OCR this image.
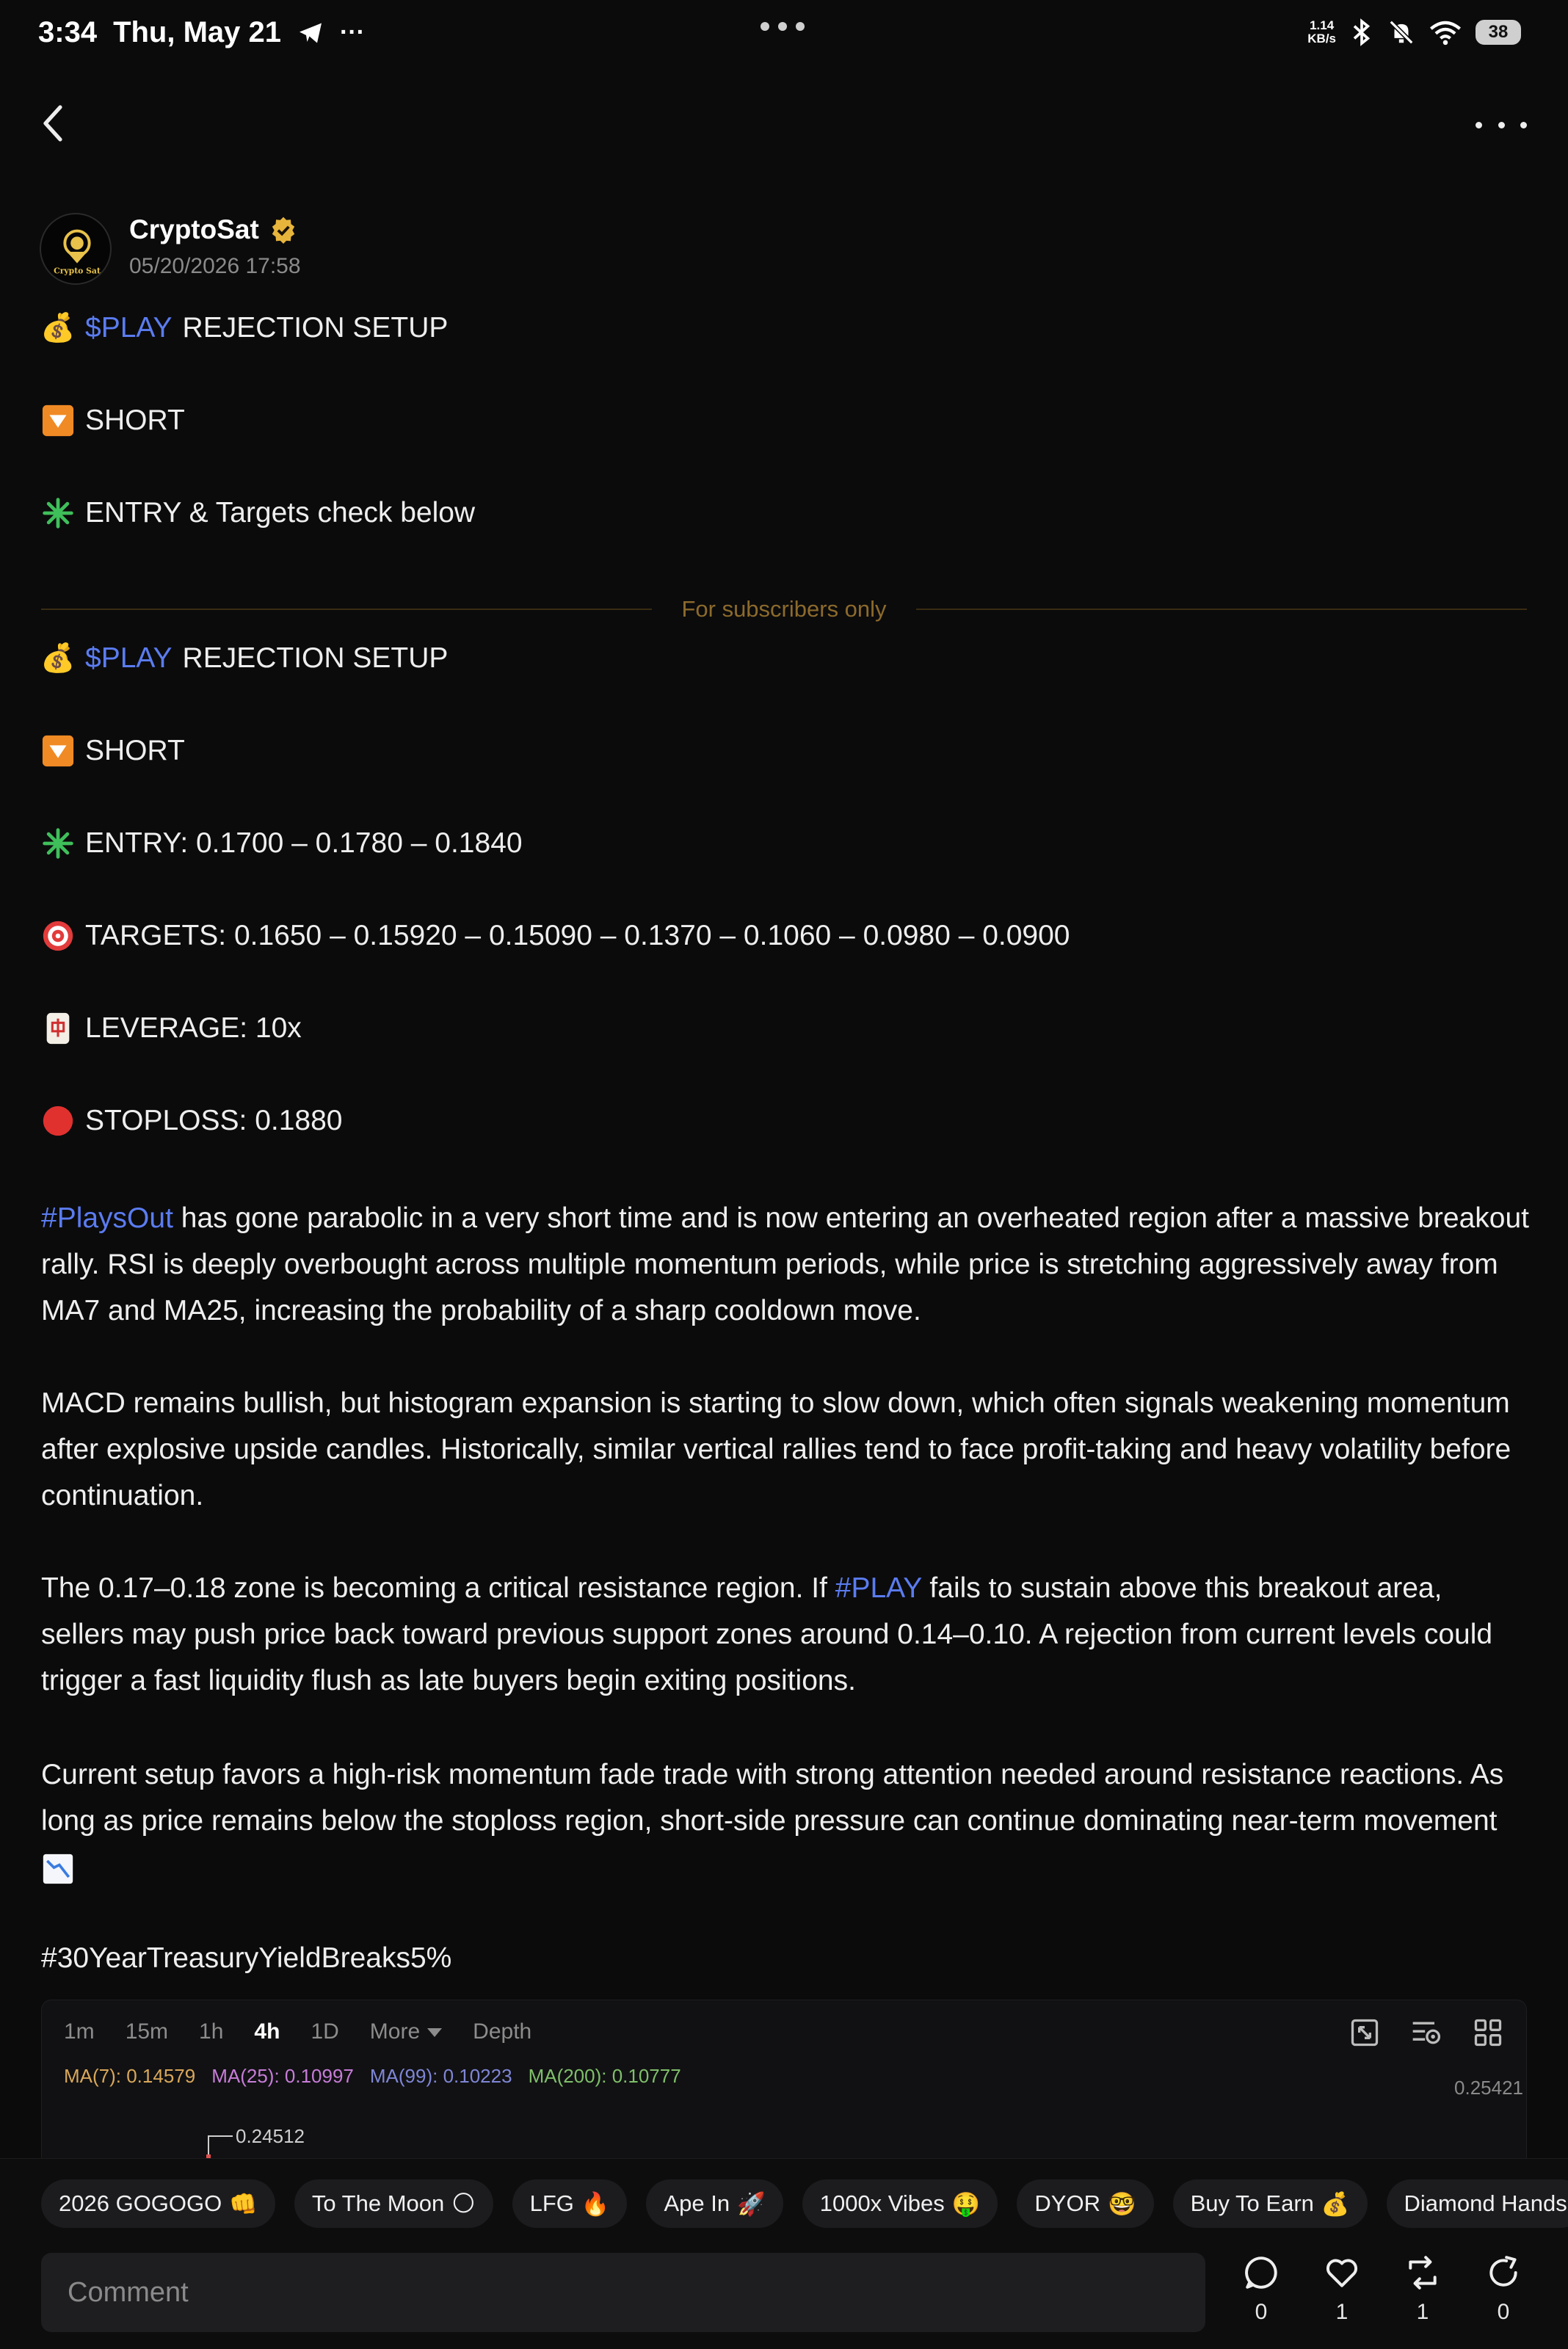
3:34 Thu, May 21 ···	1.14
KB/s	38
Crypto Sat
CryptoSat
05/20/2026 17:58
💰 $PLAY REJECTION SETUP
SHORT
ENTRY & Targets check below
For subscribers only
💰 $PLAY REJECTION SETUP
SHORT
ENTRY: 0.1700 – 0.1780 – 0.1840
TARGETS: 0.1650 – 0.15920 – 0.15090 – 0.1370 – 0.1060 – 0.0980 – 0.0900
LEVERAGE: 10x
STOPLOSS: 0.1880
#PlaysOut has gone parabolic in a very short time and is now entering an overheated region after a massive breakout rally. RSI is deeply overbought across multiple momentum periods, while price is stretching aggressively away from MA7 and MA25, increasing the probability of a sharp cooldown move.
MACD remains bullish, but histogram expansion is starting to slow down, which often signals weakening momentum after explosive upside candles. Historically, similar vertical rallies tend to face profit-taking and heavy volatility before continuation.
The 0.17–0.18 zone is becoming a critical resistance region. If #PLAY fails to sustain above this breakout area, sellers may push price back toward previous support zones around 0.14–0.10. A rejection from current levels could trigger a fast liquidity flush as late buyers begin exiting positions.
Current setup favors a high-risk momentum fade trade with strong attention needed around resistance reactions. As long as price remains below the stoploss region, short-side pressure can continue dominating near-term movement
#30YearTreasuryYieldBreaks5%
1m 15m 1h 4h 1D More	Depth
MA(7): 0.14579 MA(25): 0.10997 MA(99): 0.10223 MA(200): 0.10777
0.25421
0.24512
2026 GOGOGO 👊 To The Moon 🌕 LFG 🔥 Ape In 🚀 1000x Vibes 🤑 DYOR 🤓 Buy To Earn 💰 Diamond Hands
Comment
0	1	1	0
